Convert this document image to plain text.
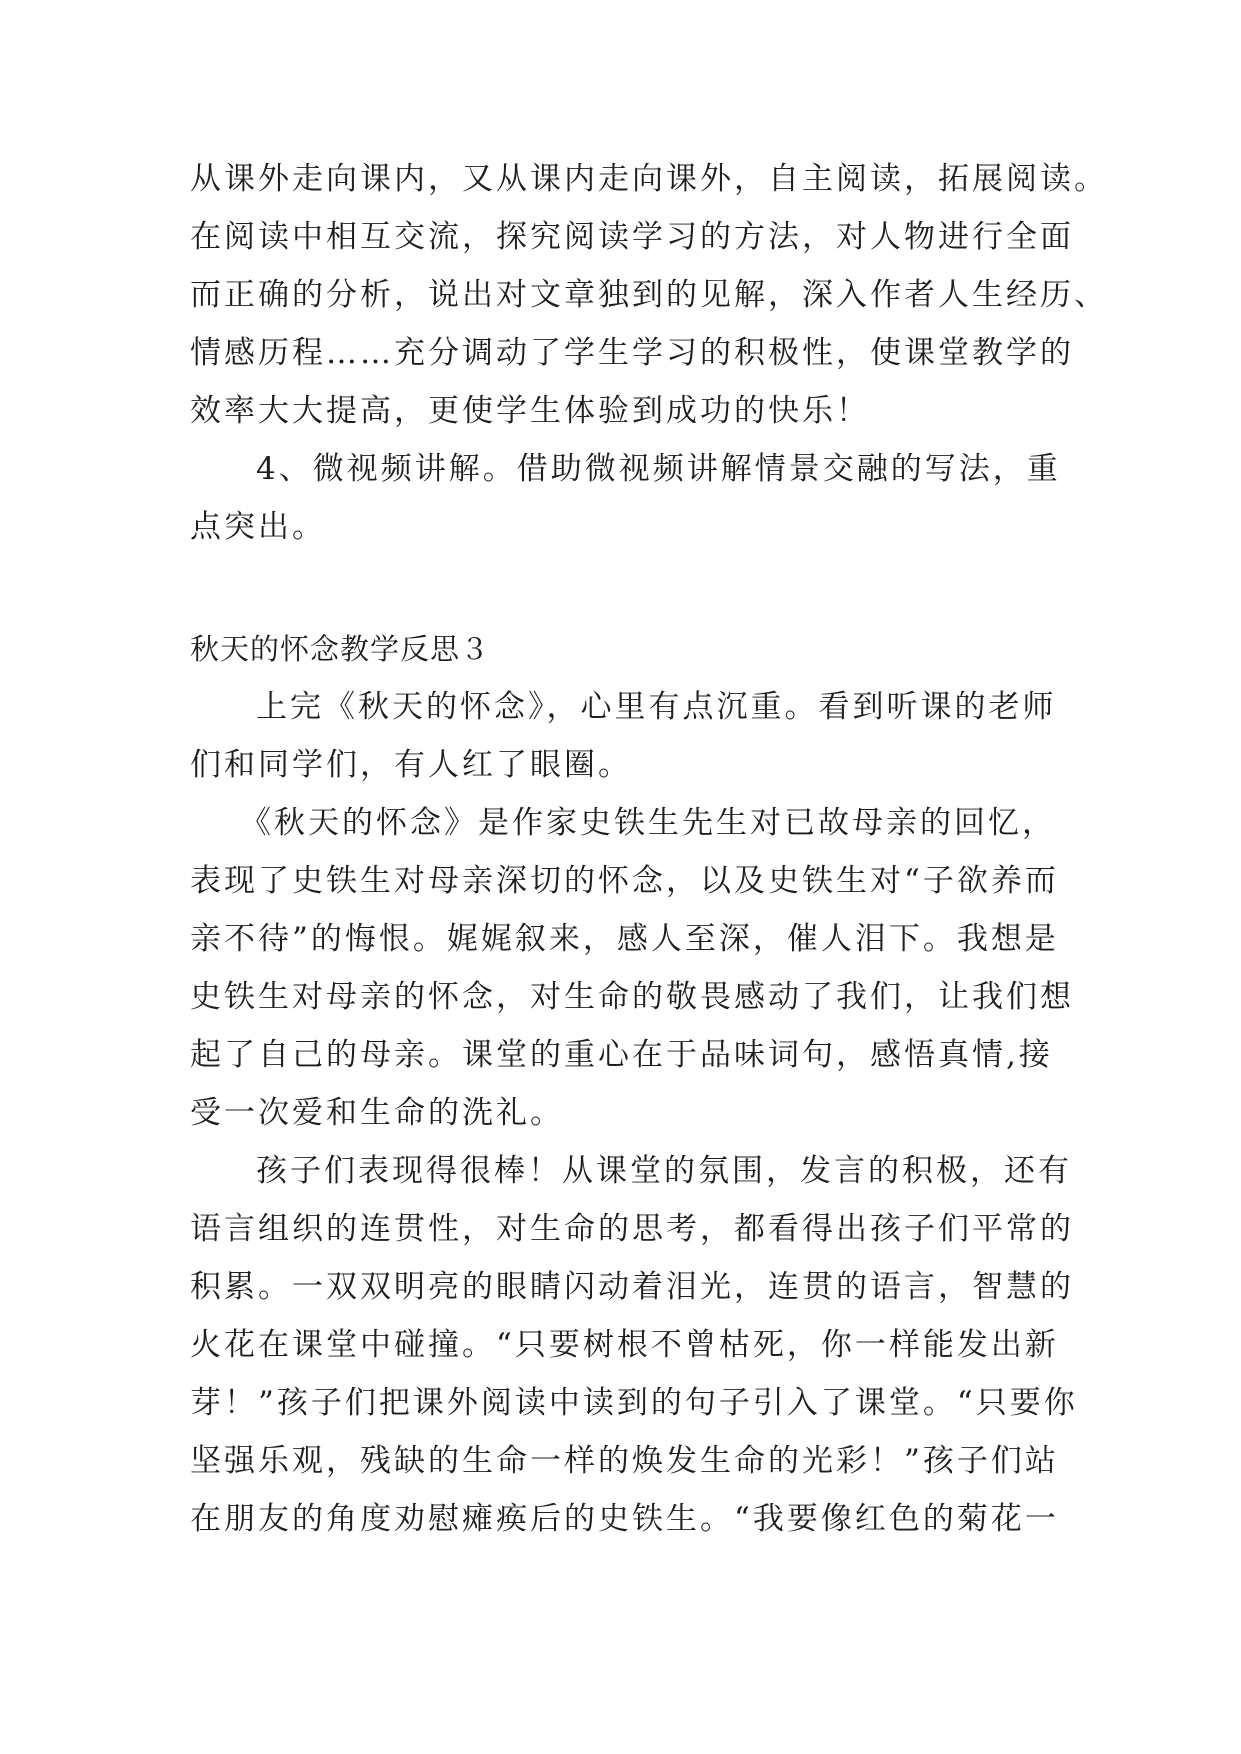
从课外走向课内，又从课内走向课外，自主阅读，拓展阅读。
在阅读中相互交流，探究阅读学习的方法，对人物进行全面
而正确的分析，说出对文章独到的见解，深入作者人生经历、
情感历程……充分调动了学生学习的积极性，使课堂教学的
效率大大提高，更使学生体验到成功的快乐！
4、微视频讲解。借助微视频讲解情景交融的写法，重
点突出。
秋天的怀念教学反思３
上完《秋天的怀念》，心里有点沉重。看到听课的老师
们和同学们，有人红了眼圈。
《秋天的怀念》是作家史铁生先生对已故母亲的回忆，
表现了史铁生对母亲深切的怀念，以及史铁生对“子欲养而
亲不待”的悔恨。娓娓叙来，感人至深，催人泪下。我想是
史铁生对母亲的怀念，对生命的敬畏感动了我们，让我们想
起了自己的母亲。课堂的重心在于品味词句，感悟真情,接
受一次爱和生命的洗礼。
孩子们表现得很棒！从课堂的氛围，发言的积极，还有
语言组织的连贯性，对生命的思考，都看得出孩子们平常的
积累。一双双明亮的眼睛闪动着泪光，连贯的语言，智慧的
火花在课堂中碰撞。“只要树根不曾枯死，你一样能发出新
芽！”孩子们把课外阅读中读到的句子引入了课堂。“只要你
坚强乐观，残缺的生命一样的焕发生命的光彩！”孩子们站
在朋友的角度劝慰瘫痪后的史铁生。“我要像红色的菊花一
